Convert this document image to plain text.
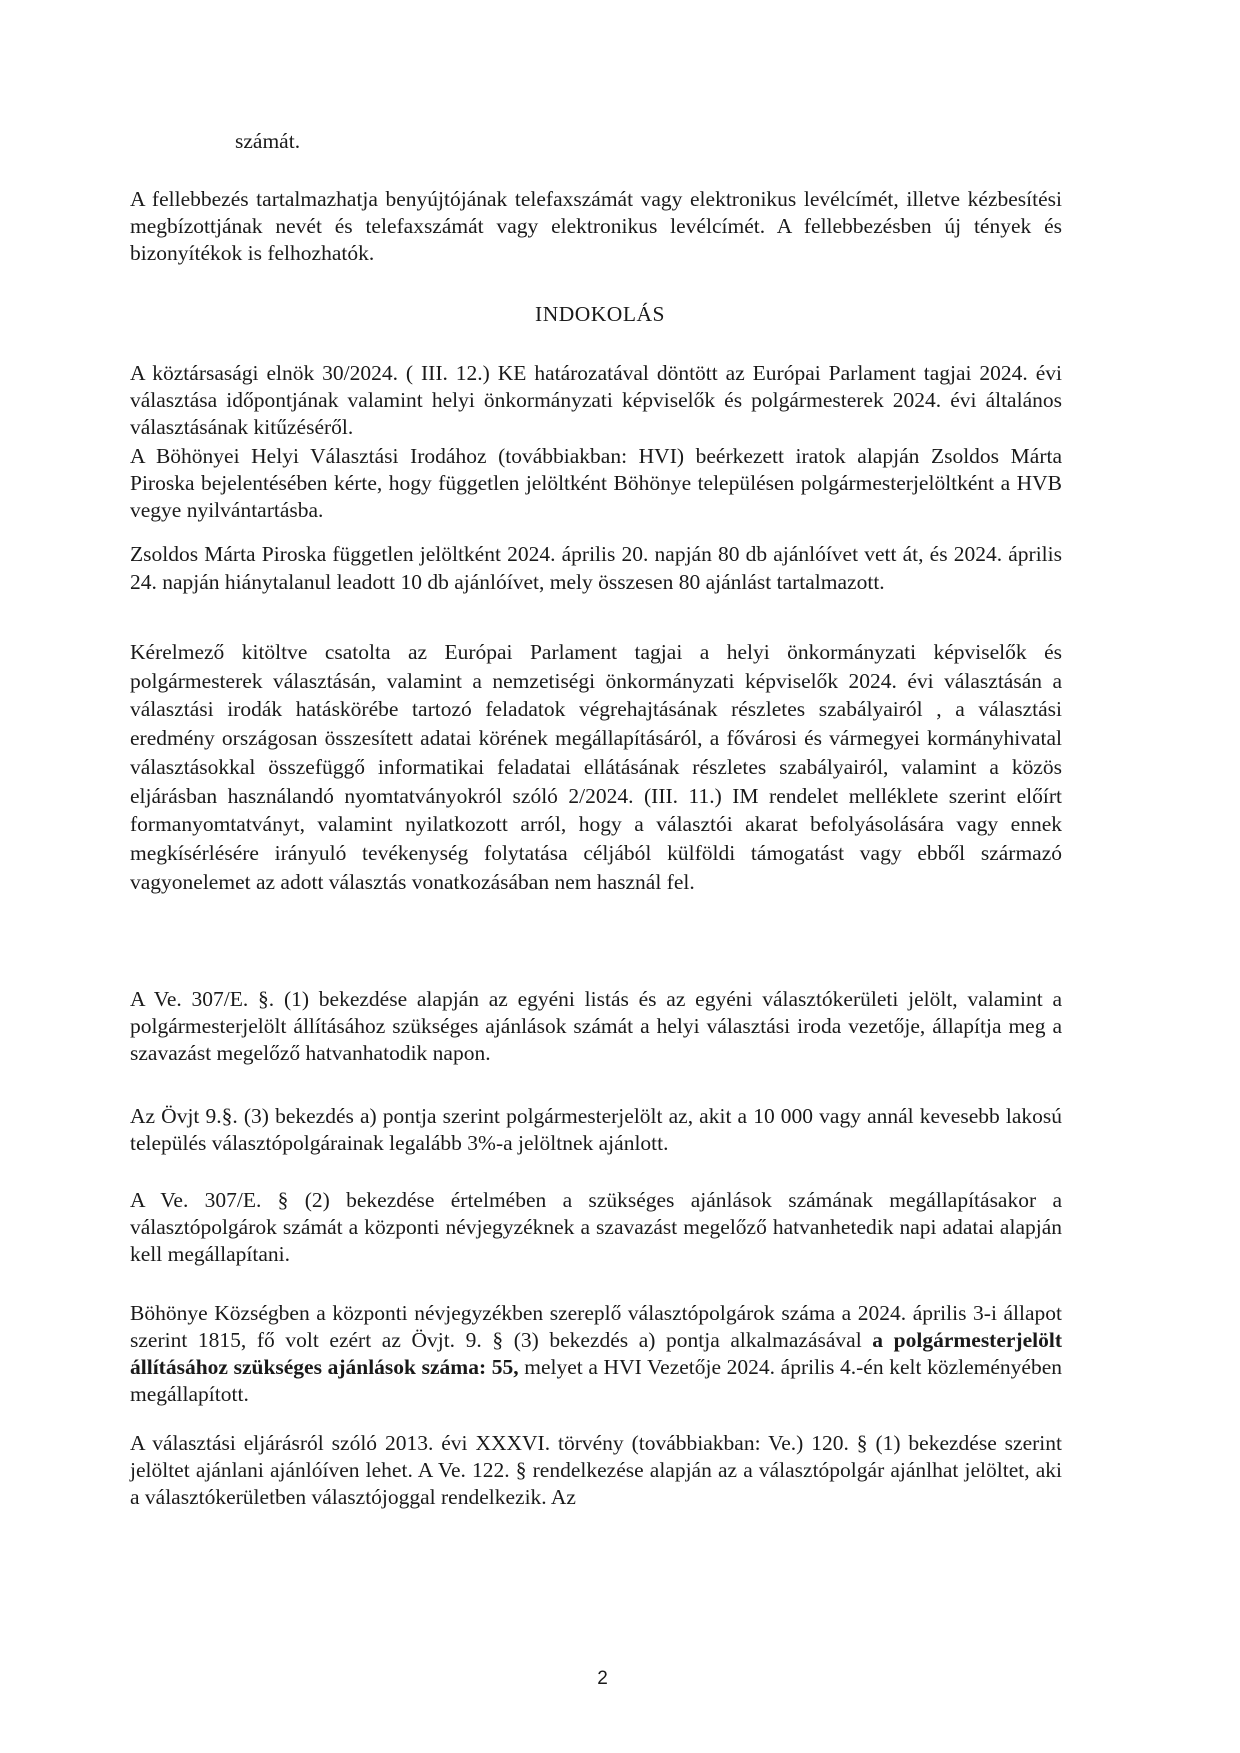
számát.

A fellebbezés tartalmazhatja benyújtójának telefaxszámát vagy elektronikus levélcímét, illetve kézbesítési megbízottjának nevét és telefaxszámát vagy elektronikus levélcímét. A fellebbezésben új tények és bizonyítékok is felhozhatók.

INDOKOLÁS

A köztársasági elnök 30/2024. ( III. 12.) KE határozatával döntött az Európai Parlament tagjai 2024. évi választása időpontjának valamint helyi önkormányzati képviselők és polgármesterek 2024. évi általános választásának kitűzéséről.

A Böhönyei Helyi Választási Irodához (továbbiakban: HVI) beérkezett iratok alapján Zsoldos Márta Piroska bejelentésében kérte, hogy független jelöltként Böhönye településen polgármesterjelöltként a HVB vegye nyilvántartásba.

Zsoldos Márta Piroska független jelöltként 2024. április 20. napján 80 db ajánlóívet vett át, és 2024. április 24. napján hiánytalanul leadott 10 db ajánlóívet, mely összesen 80 ajánlást tartalmazott.

Kérelmező kitöltve csatolta az Európai Parlament tagjai a helyi önkormányzati képviselők és polgármesterek választásán, valamint a nemzetiségi önkormányzati képviselők 2024. évi választásán a választási irodák hatáskörébe tartozó feladatok végrehajtásának részletes szabályairól , a választási eredmény országosan összesített adatai körének megállapításáról, a fővárosi és vármegyei kormányhivatal választásokkal összefüggő informatikai feladatai ellátásának részletes szabályairól, valamint a közös eljárásban használandó nyomtatványokról szóló 2/2024. (III. 11.) IM rendelet melléklete szerint előírt formanyomtatványt, valamint nyilatkozott arról, hogy a választói akarat befolyásolására vagy ennek megkísérlésére irányuló tevékenység folytatása céljából külföldi támogatást vagy ebből származó vagyonelemet az adott választás vonatkozásában nem használ fel.

A Ve. 307/E. §. (1) bekezdése alapján az egyéni listás és az egyéni választókerületi jelölt, valamint a polgármesterjelölt állításához szükséges ajánlások számát a helyi választási iroda vezetője, állapítja meg a szavazást megelőző hatvanhatodik napon.

Az Övjt 9.§. (3) bekezdés a) pontja szerint polgármesterjelölt az, akit a 10 000 vagy annál kevesebb lakosú település választópolgárainak legalább 3%-a jelöltnek ajánlott.

A Ve. 307/E. § (2) bekezdése értelmében a szükséges ajánlások számának megállapításakor a választópolgárok számát a központi névjegyzéknek a szavazást megelőző hatvanhetedik napi adatai alapján kell megállapítani.

Böhönye Községben a központi névjegyzékben szereplő választópolgárok száma a 2024. április 3-i állapot szerint 1815, fő volt ezért az Övjt. 9. § (3) bekezdés a) pontja alkalmazásával a polgármesterjelölt állításához szükséges ajánlások száma: 55, melyet a HVI Vezetője 2024. április 4.-én kelt közleményében megállapított.

A választási eljárásról szóló 2013. évi XXXVI. törvény (továbbiakban: Ve.) 120. § (1) bekezdése szerint jelöltet ajánlani ajánlóíven lehet. A Ve. 122. § rendelkezése alapján az a választópolgár ajánlhat jelöltet, aki a választókerületben választójoggal rendelkezik. Az

2
